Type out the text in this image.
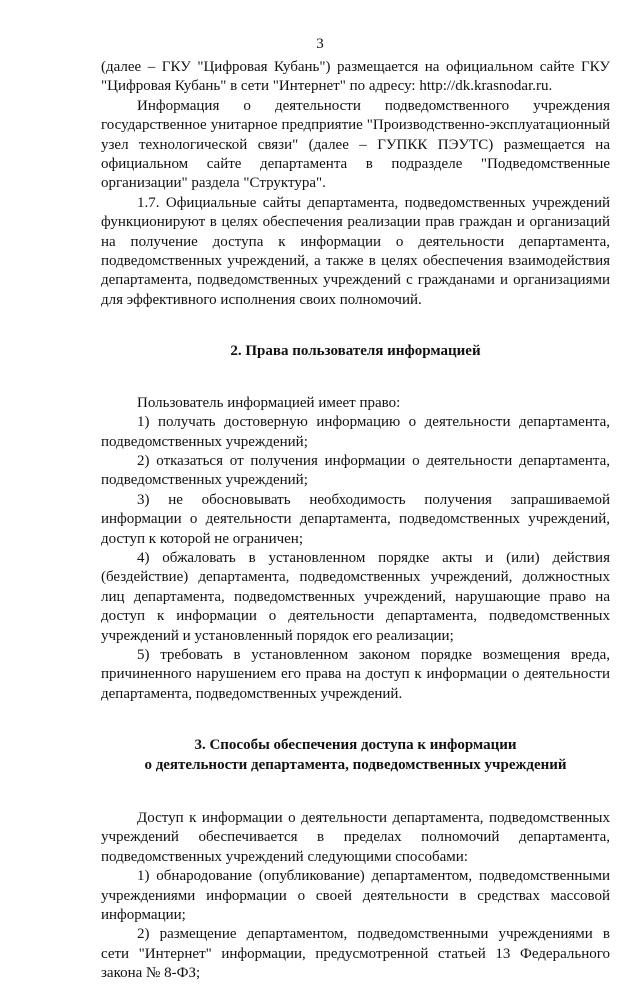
3

(далее – ГКУ "Цифровая Кубань") размещается на официальном сайте ГКУ "Цифровая Кубань" в сети "Интернет" по адресу: http://dk.krasnodar.ru.

Информация о деятельности подведомственного учреждения государственное унитарное предприятие "Производственно-эксплуатационный узел технологической связи" (далее – ГУПКК ПЭУТС) размещается на официальном сайте департамента в подразделе "Подведомственные организации" раздела "Структура".

1.7. Официальные сайты департамента, подведомственных учреждений функционируют в целях обеспечения реализации прав граждан и организаций на получение доступа к информации о деятельности департамента, подведомственных учреждений, а также в целях обеспечения взаимодействия департамента, подведомственных учреждений с гражданами и организациями для эффективного исполнения своих полномочий.

2. Права пользователя информацией

Пользователь информацией имеет право:

1) получать достоверную информацию о деятельности департамента, подведомственных учреждений;

2) отказаться от получения информации о деятельности департамента, подведомственных учреждений;

3) не обосновывать необходимость получения запрашиваемой информации о деятельности департамента, подведомственных учреждений, доступ к которой не ограничен;

4) обжаловать в установленном порядке акты и (или) действия (бездействие) департамента, подведомственных учреждений, должностных лиц департамента, подведомственных учреждений, нарушающие право на доступ к информации о деятельности департамента, подведомственных учреждений и установленный порядок его реализации;

5) требовать в установленном законом порядке возмещения вреда, причиненного нарушением его права на доступ к информации о деятельности департамента, подведомственных учреждений.

3. Способы обеспечения доступа к информации
о деятельности департамента, подведомственных учреждений

Доступ к информации о деятельности департамента, подведомственных учреждений обеспечивается в пределах полномочий департамента, подведомственных учреждений следующими способами:

1) обнародование (опубликование) департаментом, подведомственными учреждениями информации о своей деятельности в средствах массовой информации;

2) размещение департаментом, подведомственными учреждениями в сети "Интернет" информации, предусмотренной статьей 13 Федерального закона № 8-ФЗ;
